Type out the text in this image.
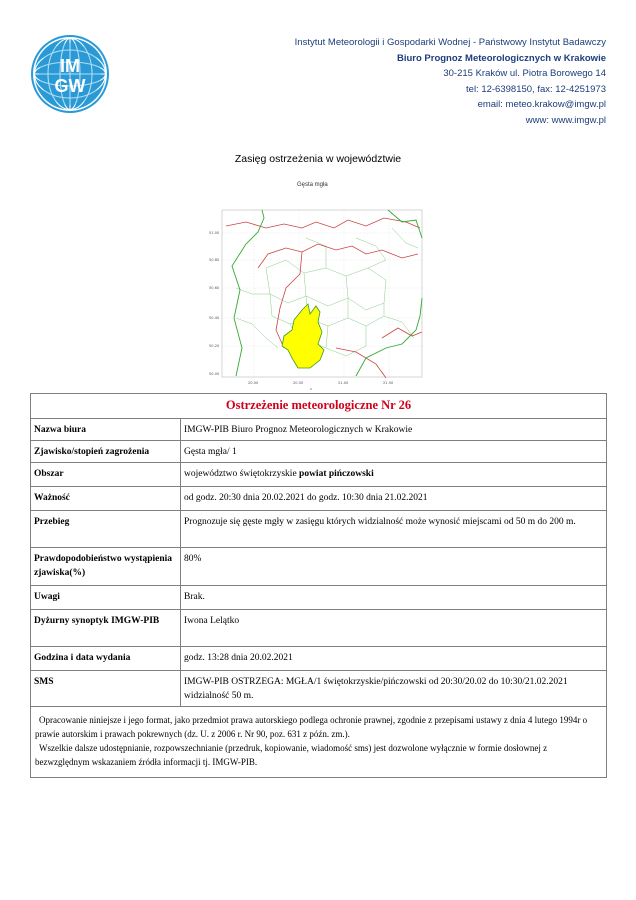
IM
GW
Instytut Meteorologii i Gospodarki Wodnej - Państwowy Instytut Badawczy
Biuro Prognoz Meteorologicznych w Krakowie
30-215 Kraków ul. Piotra Borowego 14
tel: 12-6398150, fax: 12-4251973
email: meteo.krakow@imgw.pl
www: www.imgw.pl
Zasięg ostrzeżenia w województwie
Gęsta mgła
51.00
50.80
50.60
50.40
50.20
50.00
20.00	20.50	21.00	21.50
0
Ostrzeżenie meteorologiczne Nr 26	
Nazwa biura	IMGW-PIB Biuro Prognoz Meteorologicznych w Krakowie
Zjawisko/stopień zagrożenia	Gęsta mgła/ 1
Obszar	województwo świętokrzyskie powiat pińczowski
Ważność	od godz. 20:30 dnia 20.02.2021 do godz. 10:30 dnia 21.02.2021
Przebieg	Prognozuje się gęste mgły w zasięgu których widzialność może wynosić miejscami od 50 m do 200 m.
Prawdopodobieństwo wystąpienia zjawiska(%)	80%
Uwagi	Brak.
Dyżurny synoptyk IMGW-PIB	Iwona Lelątko
Godzina i data wydania	godz. 13:28 dnia 20.02.2021
SMS	IMGW-PIB OSTRZEGA: MGŁA/1 świętokrzyskie/pińczowski od 20:30/20.02 do 10:30/21.02.2021 widzialność 50 m.

Opracowanie niniejsze i jego format, jako przedmiot prawa autorskiego podlega ochronie prawnej, zgodnie z przepisami ustawy z dnia 4 lutego 1994r o prawie autorskim i prawach pokrewnych (dz. U. z 2006 r. Nr 90, poz. 631 z późn. zm.).
Wszelkie dalsze udostępnianie, rozpowszechnianie (przedruk, kopiowanie, wiadomość sms) jest dozwolone wyłącznie w formie dosłownej z bezwzględnym wskazaniem źródła informacji tj. IMGW-PIB.	
